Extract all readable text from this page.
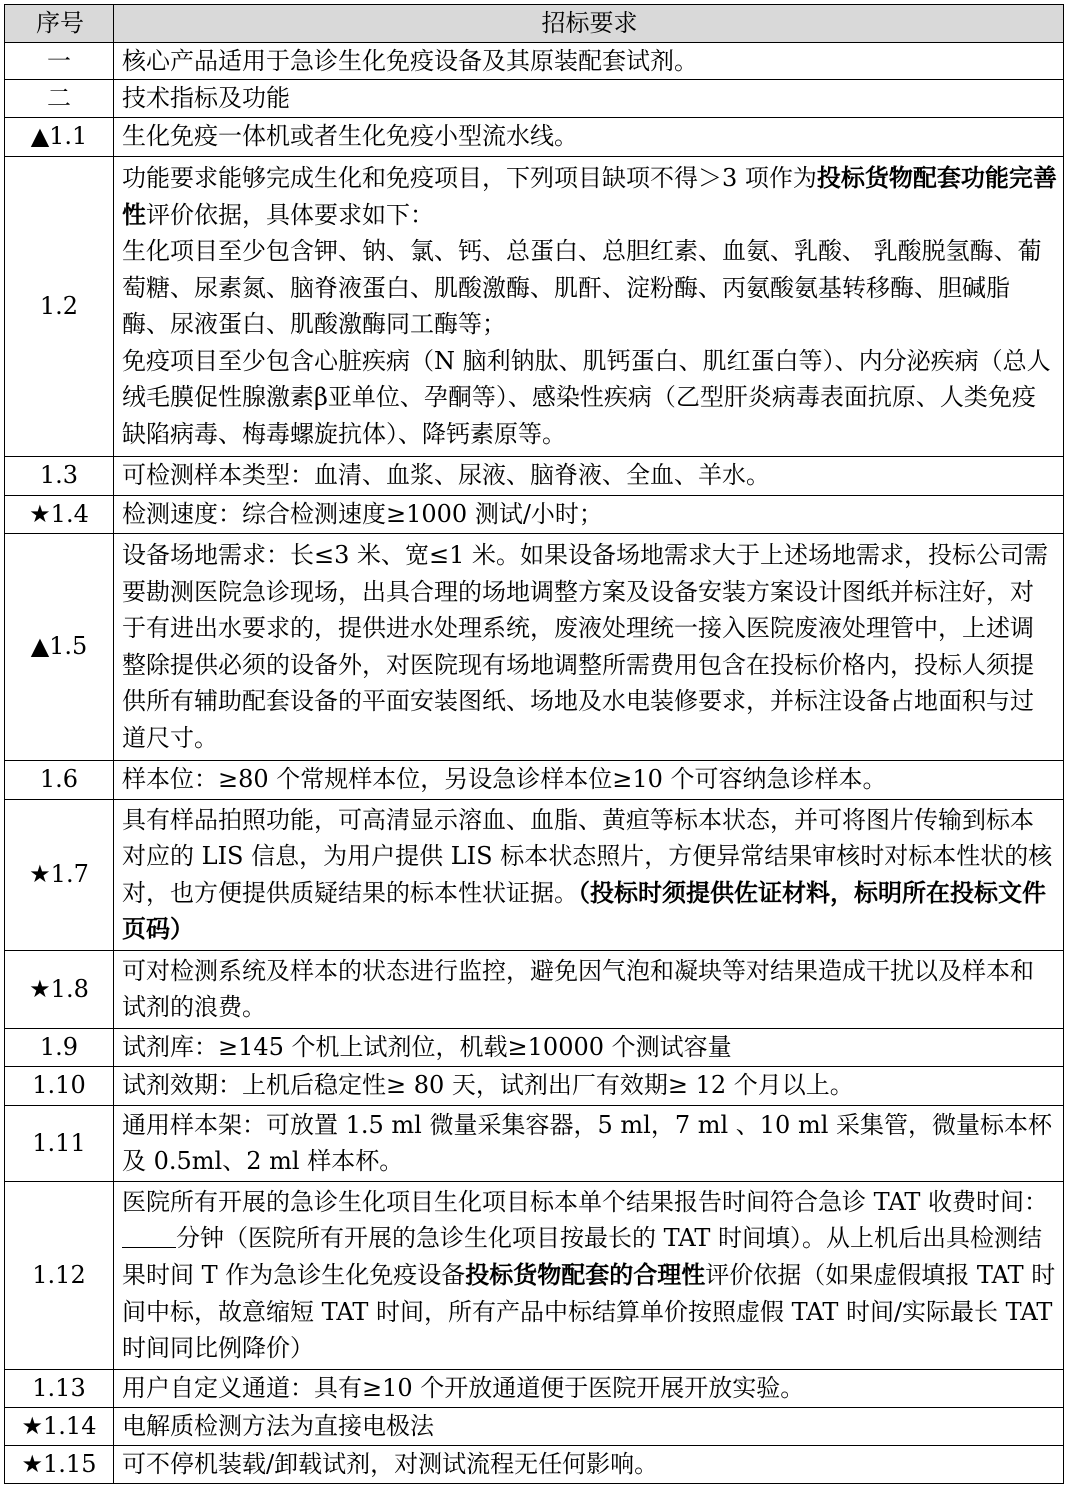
序号	招标要求
一	核心产品适用于急诊生化免疫设备及其原装配套试剂。
二	技术指标及功能
▲1.1	生化免疫一体机或者生化免疫小型流水线。
1.2	功能要求能够完成生化和免疫项目，下列项目缺项不得＞3 项作为投标货物配套功能完善性评价依据，具体要求如下：
生化项目至少包含钾、钠、氯、钙、总蛋白、总胆红素、血氨、乳酸、 乳酸脱氢酶、葡萄糖、尿素氮、脑脊液蛋白、肌酸激酶、肌酐、淀粉酶、丙氨酸氨基转移酶、胆碱脂酶、尿液蛋白、肌酸激酶同工酶等；
免疫项目至少包含心脏疾病（N 脑利钠肽、肌钙蛋白、肌红蛋白等）、内分泌疾病（总人绒毛膜促性腺激素β亚单位、孕酮等）、感染性疾病（乙型肝炎病毒表面抗原、人类免疫缺陷病毒、梅毒螺旋抗体）、降钙素原等。

1.3	可检测样本类型：血清、血浆、尿液、脑脊液、全血、羊水。
★1.4	检测速度：综合检测速度≥1000 测试/小时；
▲1.5	设备场地需求：长≤3 米、宽≤1 米。如果设备场地需求大于上述场地需求，投标公司需要勘测医院急诊现场，出具合理的场地调整方案及设备安装方案设计图纸并标注好，对于有进出水要求的，提供进水处理系统，废液处理统一接入医院废液处理管中，上述调整除提供必须的设备外，对医院现有场地调整所需费用包含在投标价格内，投标人须提供所有辅助配套设备的平面安装图纸、场地及水电装修要求，并标注设备占地面积与过道尺寸。
1.6	样本位：≥80 个常规样本位，另设急诊样本位≥10 个可容纳急诊样本。
★1.7	具有样品拍照功能，可高清显示溶血、血脂、黄疸等标本状态，并可将图片传输到标本对应的 LIS 信息，为用户提供 LIS 标本状态照片，方便异常结果审核时对标本性状的核对，也方便提供质疑结果的标本性状证据。（投标时须提供佐证材料，标明所在投标文件页码）
★1.8	可对检测系统及样本的状态进行监控，避免因气泡和凝块等对结果造成干扰以及样本和试剂的浪费。
1.9	试剂库：≥145 个机上试剂位，机载≥10000 个测试容量
1.10	试剂效期：上机后稳定性≥ 80 天，试剂出厂有效期≥ 12 个月以上。
1.11	通用样本架：可放置 1.5 ml 微量采集容器，5 ml，7 ml 、10 ml 采集管，微量标本杯及 0.5ml、2 ml 样本杯。
1.12	医院所有开展的急诊生化项目生化项目标本单个结果报告时间符合急诊 TAT 收费时间：分钟（医院所有开展的急诊生化项目按最长的 TAT 时间填）。从上机后出具检测结果时间 T 作为急诊生化免疫设备投标货物配套的合理性评价依据（如果虚假填报 TAT 时间中标，故意缩短 TAT 时间，所有产品中标结算单价按照虚假 TAT 时间/实际最长 TAT 时间同比例降价）
1.13	用户自定义通道：具有≥10 个开放通道便于医院开展开放实验。
★1.14	电解质检测方法为直接电极法
★1.15	可不停机装载/卸载试剂，对测试流程无任何影响。
